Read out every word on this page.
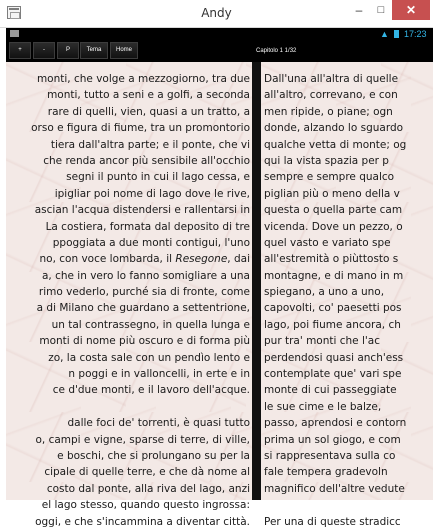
Andy	–	□	✕
▲ 17:23
+	-	P	Tema	Home	Capitolo 1 1/32
monti, che volge a mezzogiorno, tra due
monti, tutto a seni e a golfi, a seconda
rare di quelli, vien, quasi a un tratto, a
orso e figura di fiume, tra un promontorio
tiera dall'altra parte; e il ponte, che vi
che renda ancor più sensibile all'occhio
segni il punto in cui il lago cessa, e
ipigliar poi nome di lago dove le rive,
ascian l'acqua distendersi e rallentarsi in
La costiera, formata dal deposito di tre
ppoggiata a due monti contigui, l'uno
no, con voce lombarda, il Resegone, dai
a, che in vero lo fanno somigliare a una
rimo vederlo, purché sia di fronte, come
a di Milano che guardano a settentrione,
un tal contrassegno, in quella lunga e
monti di nome più oscuro e di forma più
zo, la costa sale con un pendìo lento e
n poggi e in valloncelli, in erte e in
ce d'due monti, e il lavoro dell'acque.
dalle foci de' torrenti, è quasi tutto
o, campi e vigne, sparse di terre, di ville,
e boschi, che si prolungano su per la
cipale di quelle terre, e che dà nome al
costo dal ponte, alla riva del lago, anzi
el lago stesso, quando questo ingrossa:
oggi, e che s'incammina a diventar città.
Dall'una all'altra di quelle
all'altro, correvano, e con
men ripide, o piane; ogn
donde, alzando lo sguardo
qualche vetta di monte; og
qui la vista spazia per p
sempre e sempre qualco
piglian più o meno della v
questa o quella parte cam
vicenda. Dove un pezzo, o
quel vasto e variato spe
all'estremità o piùttosto s
montagne, e di mano in m
spiegano, a uno a uno,
capovolti, co' paesetti pos
lago, poi fiume ancora, ch
pur tra' monti che l'ac
perdendosi quasi anch'ess
contemplate que' vari spe
monte di cui passeggiate
le sue cime e le balze,
passo, aprendosi e contorn
prima un sol giogo, e com
si rappresentava sulla co
fale tempera gradevoln
magnifico dell'altre vedute
Per una di queste stradicc
